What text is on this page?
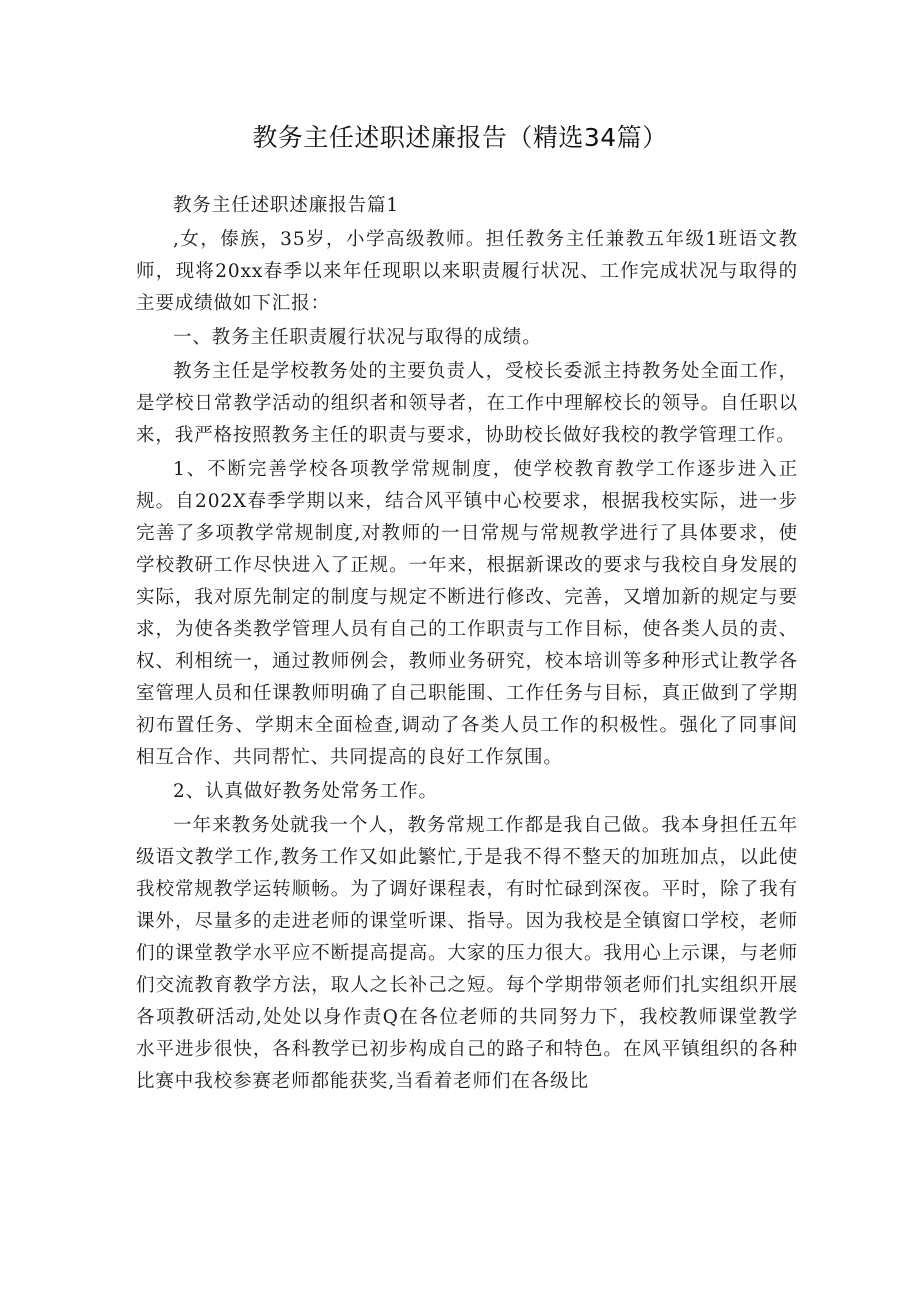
教务主任述职述廉报告（精选34篇）

教务主任述职述廉报告篇1

,女，傣族，35岁，小学高级教师。担任教务主任兼教五年级1班语文教师，现将20xx春季以来年任现职以来职责履行状况、工作完成状况与取得的主要成绩做如下汇报：

一、教务主任职责履行状况与取得的成绩。

教务主任是学校教务处的主要负责人，受校长委派主持教务处全面工作，是学校日常教学活动的组织者和领导者，在工作中理解校长的领导。自任职以来，我严格按照教务主任的职责与要求，协助校长做好我校的教学管理工作。

1、不断完善学校各项教学常规制度，使学校教育教学工作逐步进入正规。自202X春季学期以来，结合风平镇中心校要求，根据我校实际，进一步完善了多项教学常规制度,对教师的一日常规与常规教学进行了具体要求，使学校教研工作尽快进入了正规。一年来，根据新课改的要求与我校自身发展的实际，我对原先制定的制度与规定不断进行修改、完善，又增加新的规定与要求，为使各类教学管理人员有自己的工作职责与工作目标，使各类人员的责、权、利相统一，通过教师例会，教师业务研究，校本培训等多种形式让教学各室管理人员和任课教师明确了自己职能围、工作任务与目标，真正做到了学期初布置任务、学期末全面检查,调动了各类人员工作的积极性。强化了同事间相互合作、共同帮忙、共同提高的良好工作氛围。

2、认真做好教务处常务工作。

一年来教务处就我一个人，教务常规工作都是我自己做。我本身担任五年级语文教学工作,教务工作又如此繁忙,于是我不得不整天的加班加点，以此使我校常规教学运转顺畅。为了调好课程表，有时忙碌到深夜。平时，除了我有课外，尽量多的走进老师的课堂听课、指导。因为我校是全镇窗口学校，老师们的课堂教学水平应不断提高提高。大家的压力很大。我用心上示课，与老师们交流教育教学方法，取人之长补己之短。每个学期带领老师们扎实组织开展各项教研活动,处处以身作责Q在各位老师的共同努力下，我校教师课堂教学水平进步很快，各科教学已初步构成自己的路子和特色。在风平镇组织的各种比赛中我校参赛老师都能获奖,当看着老师们在各级比
